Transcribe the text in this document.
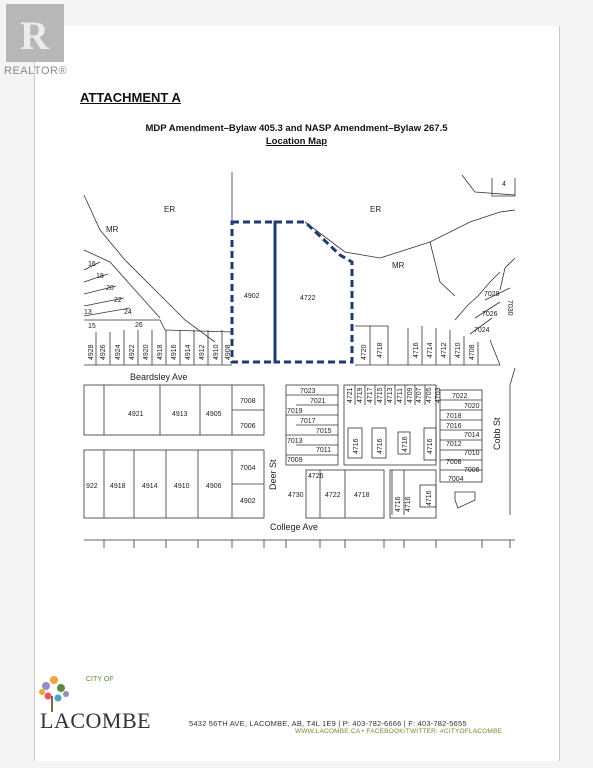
R
REALTOR®
ATTACHMENT A
MDP Amendment–Bylaw 405.3 and NASP Amendment–Bylaw 267.5
Location Map
ER
MR
ER
MR
4902	4722
Beardsley Ave
College Ave
Deer St
Cobb St
16
18
20
22
24
26
13
15
4928 4926 4924 4922 4920 4918 4916 4914 4912 4910 4908	4720 4718	4716 4714 4712 4710 4708
7028
7026
7024
7030
4
4921	4913	4905
7008
7006
7004
4902
922 4918 4914 4910 4906
7023
7021
7019
7017
7015
7013
7011
7009
4726
4730	4722 4718
4721 4719 4717 4715 4713 4711 4709 4707 4705 4703
4716 4716	4716	4716
4716 4716 4716
7022
7020
7018
7016
7014
7012
7010
7008
7006
7004
CITY OF
LACOMBE	5432 56TH AVE, LACOMBE, AB, T4L 1E9 | P: 403-782-6666 | F: 403-782-5655
WWW.LACOMBE.CA • FACEBOOK/TWITTER: #CITYOFLACOMBE
